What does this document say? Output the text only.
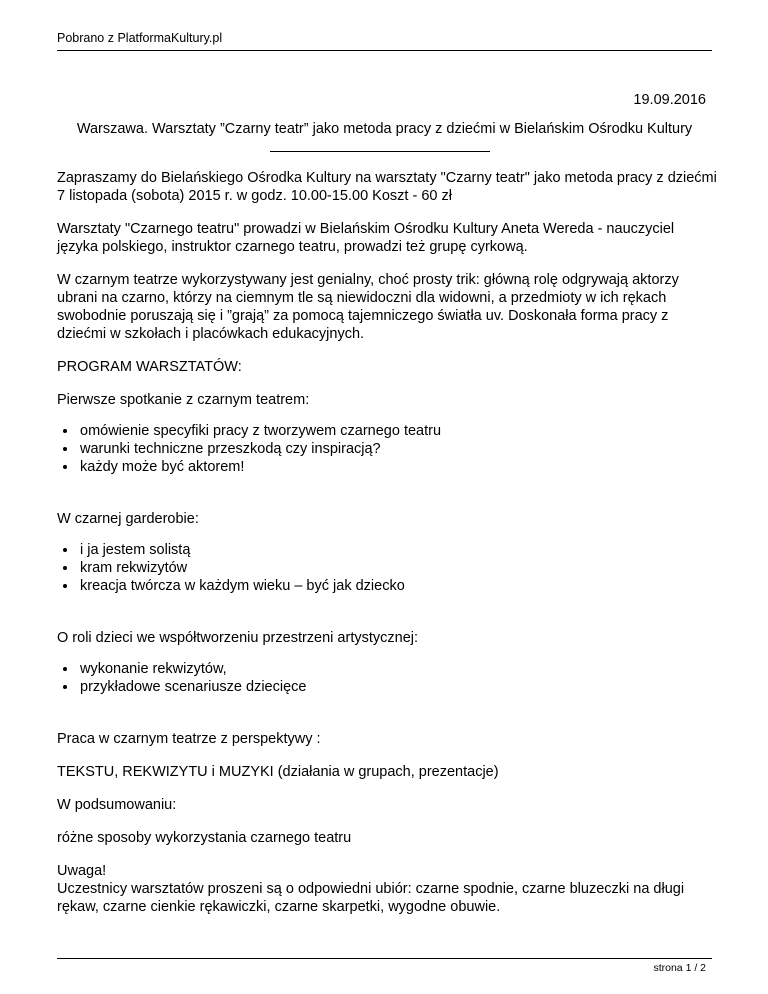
Pobrano z PlatformaKultury.pl
19.09.2016
Warszawa. Warsztaty ”Czarny teatr” jako metoda pracy z dziećmi w Bielańskim Ośrodku Kultury

Zapraszamy do Bielańskiego Ośrodka Kultury na warsztaty "Czarny teatr" jako metoda pracy z dziećmi 7 listopada (sobota) 2015 r. w godz. 10.00-15.00 Koszt - 60 zł

Warsztaty "Czarnego teatru" prowadzi w Bielańskim Ośrodku Kultury Aneta Wereda - nauczyciel języka polskiego, instruktor czarnego teatru, prowadzi też grupę cyrkową.

W czarnym teatrze wykorzystywany jest genialny, choć prosty trik: główną rolę odgrywają aktorzy ubrani na czarno, którzy na ciemnym tle są niewidoczni dla widowni, a przedmioty w ich rękach swobodnie poruszają się i ”grają” za pomocą tajemniczego światła uv. Doskonała forma pracy z dziećmi w szkołach i placówkach edukacyjnych.

PROGRAM WARSZTATÓW:

Pierwsze spotkanie z czarnym teatrem:

• omówienie specyfiki pracy z tworzywem czarnego teatru
• warunki techniczne przeszkodą czy inspiracją?
• każdy może być aktorem!

W czarnej garderobie:

• i ja jestem solistą
• kram rekwizytów
• kreacja twórcza w każdym wieku – być jak dziecko

O roli dzieci we współtworzeniu przestrzeni artystycznej:

• wykonanie rekwizytów,
• przykładowe scenariusze dziecięce

Praca w czarnym teatrze z perspektywy :

TEKSTU, REKWIZYTU i MUZYKI (działania w grupach, prezentacje)

W podsumowaniu:

różne sposoby wykorzystania czarnego teatru

Uwaga!

Uczestnicy warsztatów proszeni są o odpowiedni ubiór: czarne spodnie, czarne bluzeczki na długi rękaw, czarne cienkie rękawiczki, czarne skarpetki, wygodne obuwie.

strona 1 / 2
